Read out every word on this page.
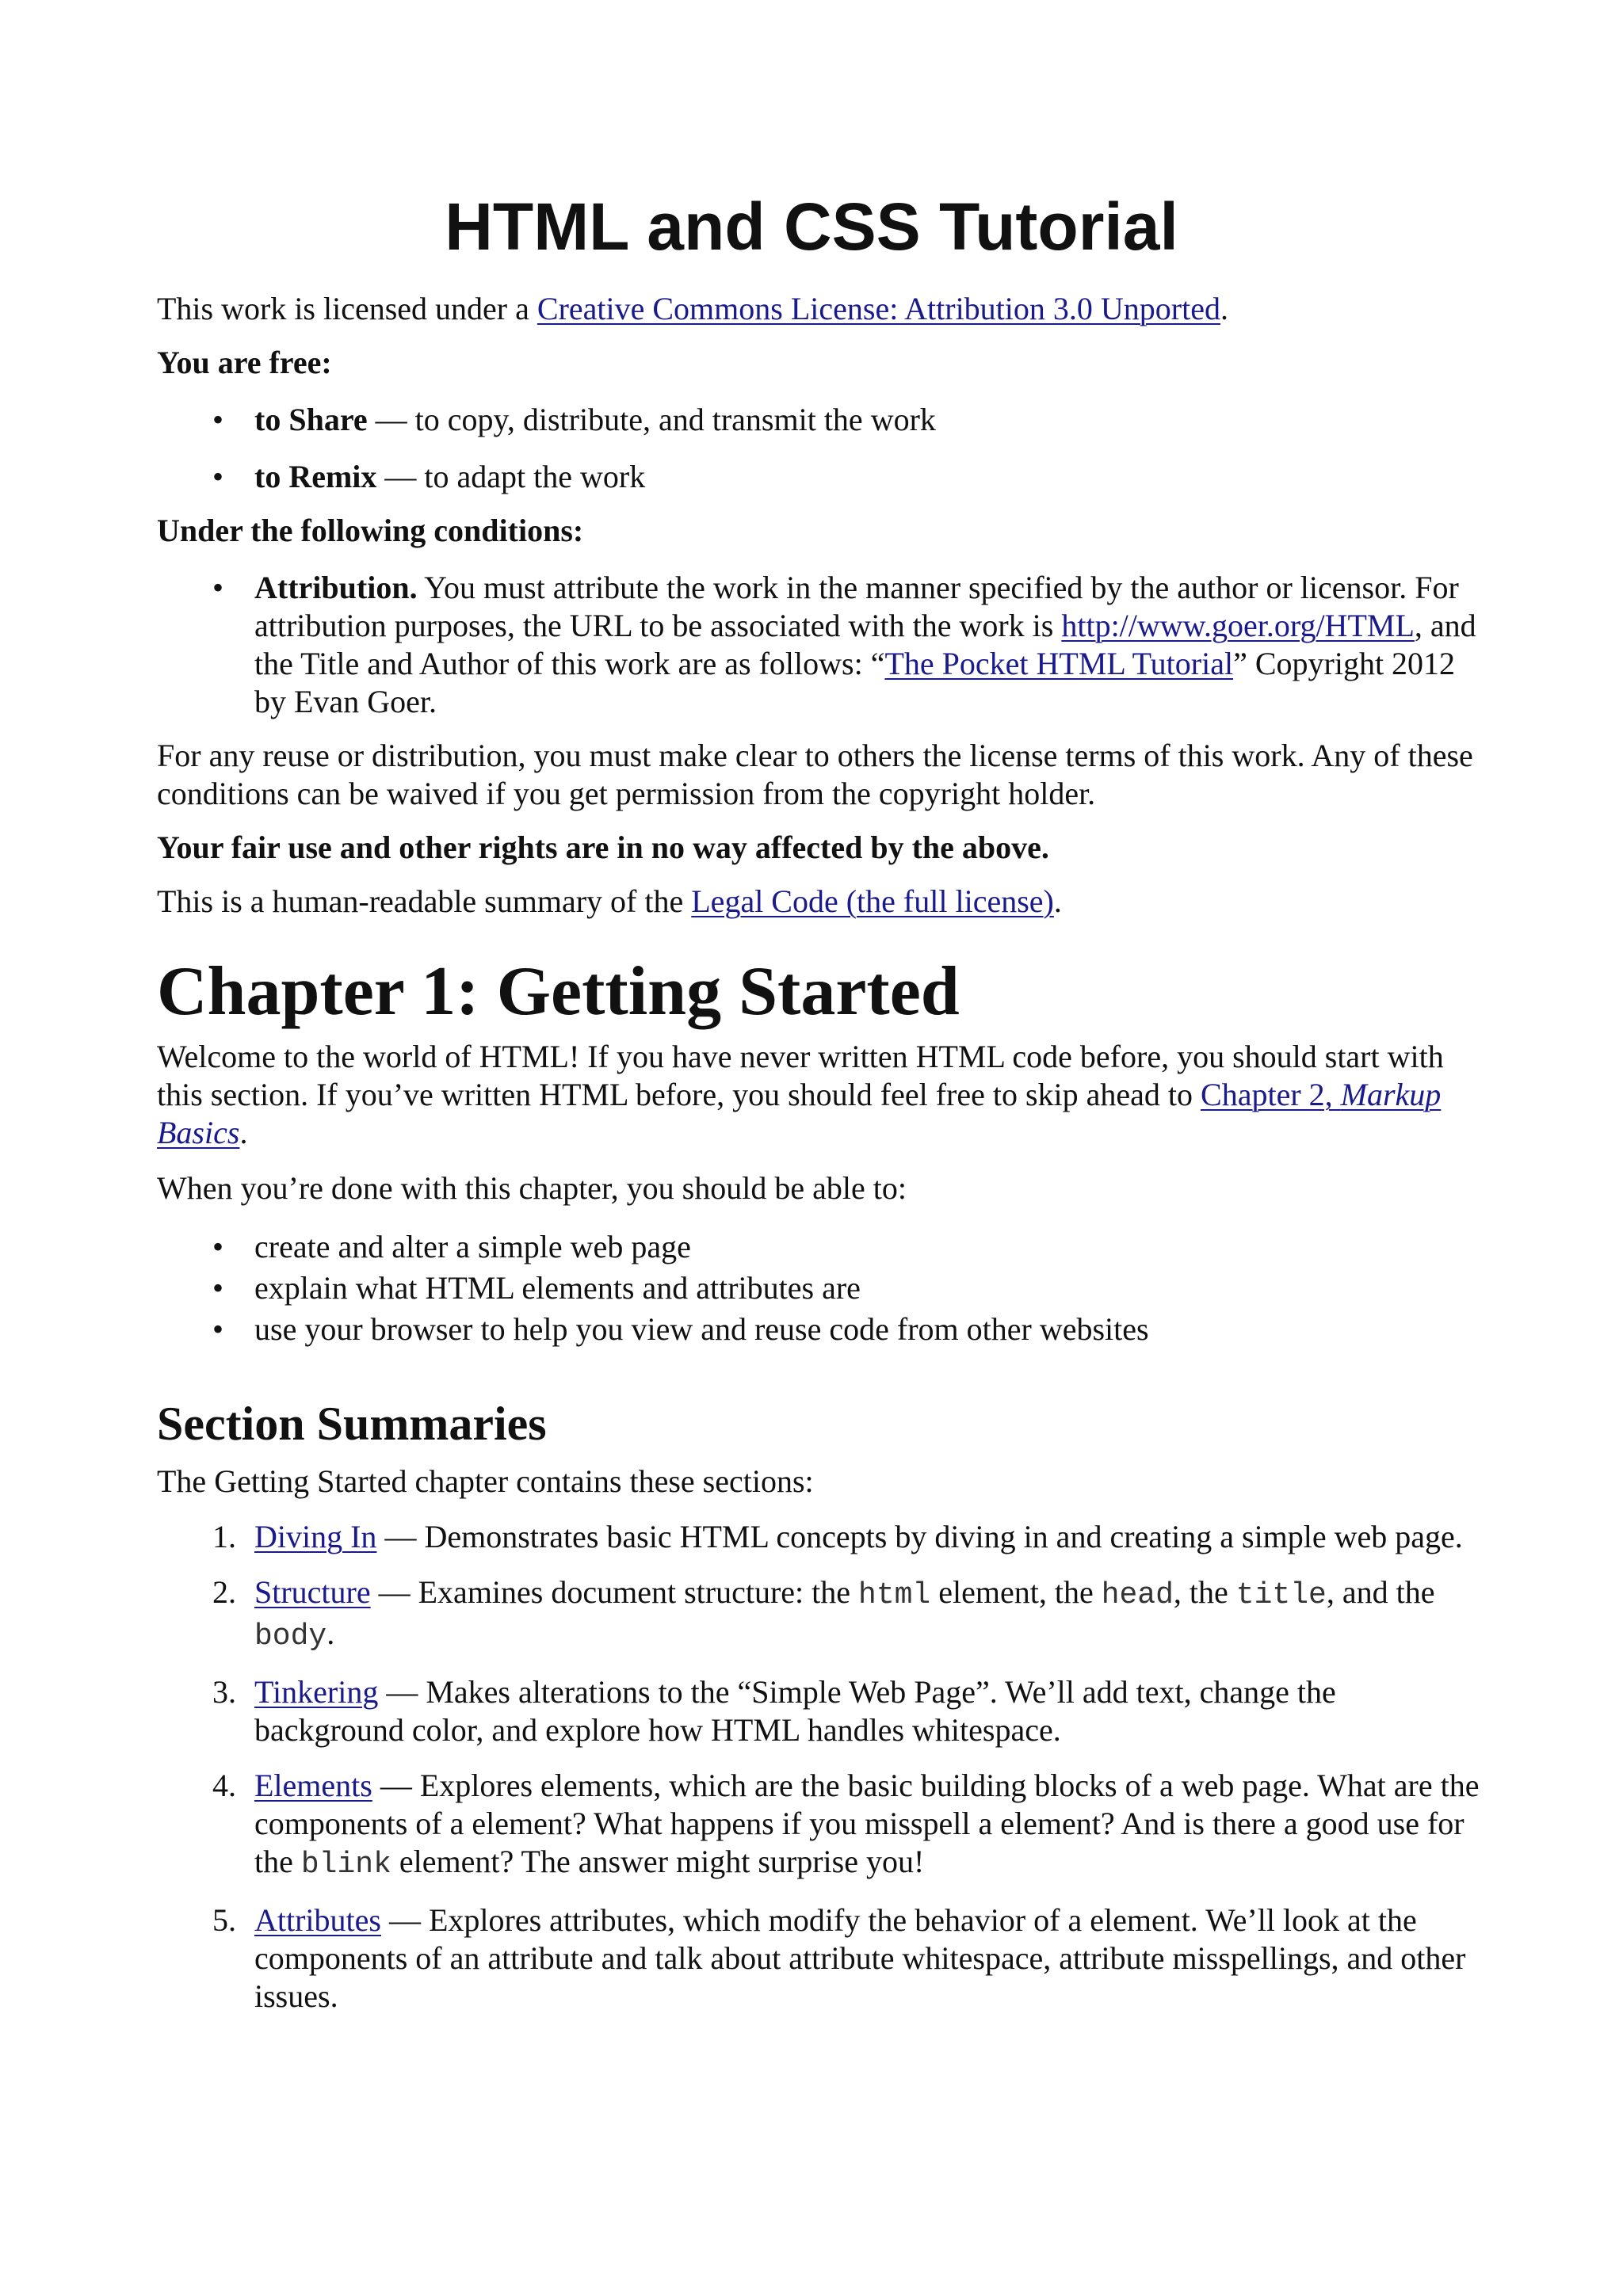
HTML and CSS Tutorial

This work is licensed under a Creative Commons License: Attribution 3.0 Unported.

You are free:

• to Share — to copy, distribute, and transmit the work
• to Remix — to adapt the work

Under the following conditions:

• Attribution. You must attribute the work in the manner specified by the author or licensor. For attribution purposes, the URL to be associated with the work is http://www.goer.org/HTML, and the Title and Author of this work are as follows: “The Pocket HTML Tutorial” Copyright 2012 by Evan Goer.

For any reuse or distribution, you must make clear to others the license terms of this work. Any of these conditions can be waived if you get permission from the copyright holder.

Your fair use and other rights are in no way affected by the above.

This is a human-readable summary of the Legal Code (the full license).

Chapter 1: Getting Started

Welcome to the world of HTML! If you have never written HTML code before, you should start with this section. If you’ve written HTML before, you should feel free to skip ahead to Chapter 2, Markup Basics.

When you’re done with this chapter, you should be able to:

• create and alter a simple web page
• explain what HTML elements and attributes are
• use your browser to help you view and reuse code from other websites
Section Summaries

The Getting Started chapter contains these sections:

1. Diving In — Demonstrates basic HTML concepts by diving in and creating a simple web page.
2. Structure — Examines document structure: the html element, the head, the title, and the body.
3. Tinkering — Makes alterations to the “Simple Web Page”. We’ll add text, change the background color, and explore how HTML handles whitespace.
4. Elements — Explores elements, which are the basic building blocks of a web page. What are the components of a element? What happens if you misspell a element? And is there a good use for the blink element? The answer might surprise you!
5. Attributes — Explores attributes, which modify the behavior of a element. We’ll look at the components of an attribute and talk about attribute whitespace, attribute misspellings, and other issues.
